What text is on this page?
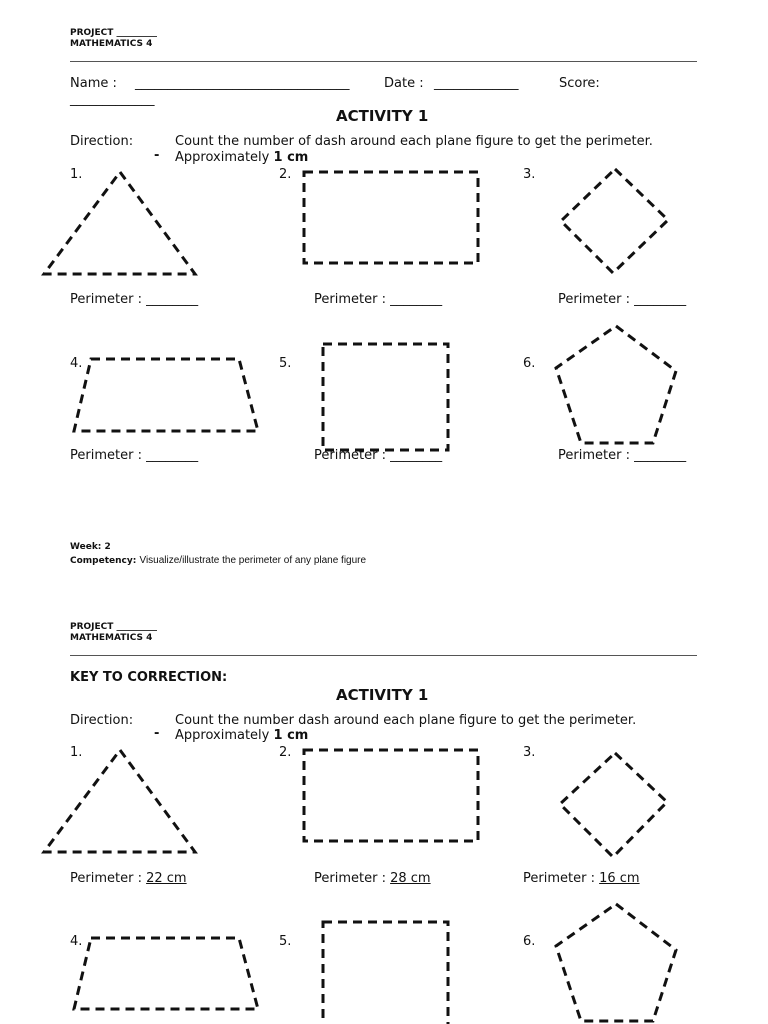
PROJECT _________
MATHEMATICS 4
Name : _________________________________	Date : _____________	Score:
_____________
ACTIVITY 1
Direction:	Count the number of dash around each plane figure to get the perimeter.
- Approximately 1 cm
1.	2.	3.
4.	5.	6.
Perimeter : ________	Perimeter : ________	Perimeter : ________
Perimeter : ________	Perimeter : ________	Perimeter : ________
Week: 2
Competency: Visualize/illustrate the perimeter of any plane figure
PROJECT _________
MATHEMATICS 4
KEY TO CORRECTION:
ACTIVITY 1
Direction:	Count the number dash around each plane figure to get the perimeter.
- Approximately 1 cm
1.	2.	3.
4.	5.	6.
Perimeter : 22 cm	Perimeter : 28 cm	Perimeter : 16 cm
